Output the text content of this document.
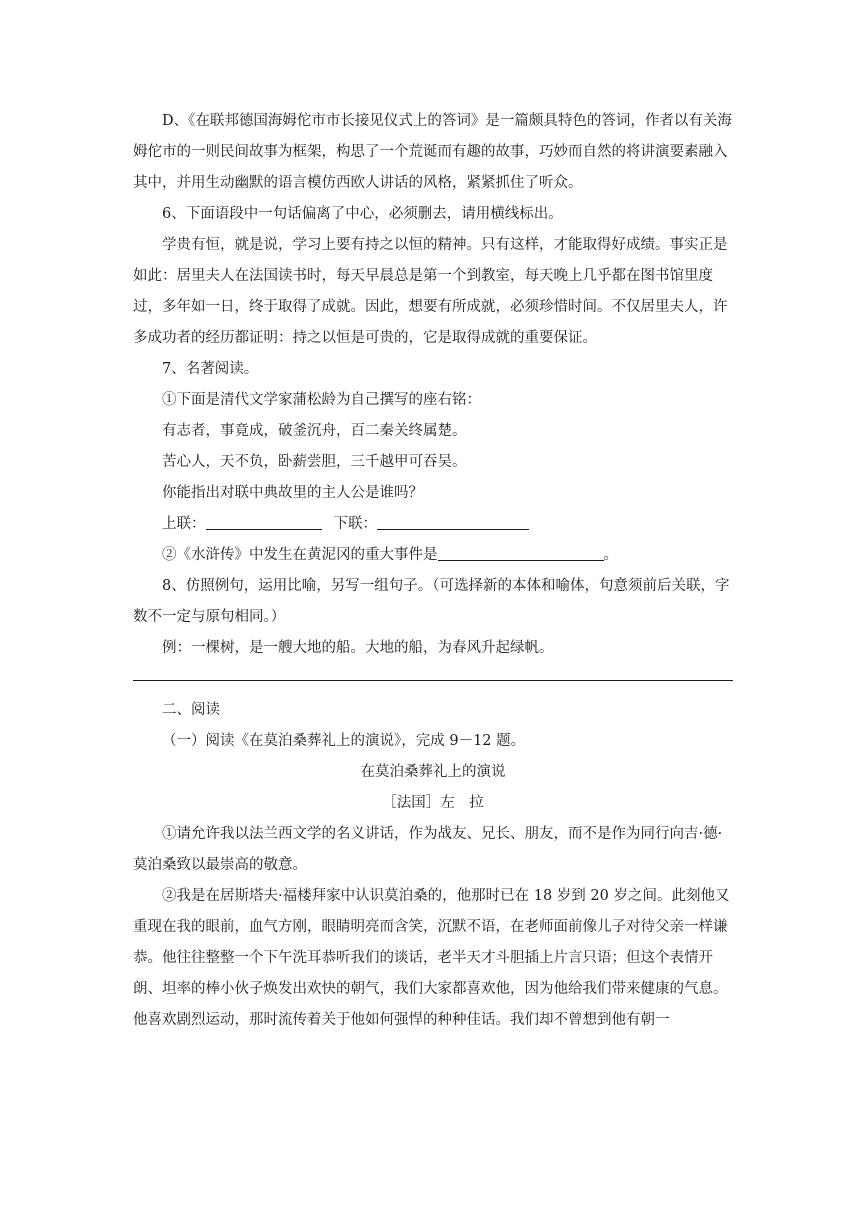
D、《在联邦德国海姆佗市市长接见仪式上的答词》是一篇颇具特色的答词，作者以有关海姆佗市的一则民间故事为框架，构思了一个荒诞而有趣的故事，巧妙而自然的将讲演要素融入其中，并用生动幽默的语言模仿西欧人讲话的风格，紧紧抓住了听众。

6、下面语段中一句话偏离了中心，必须删去，请用横线标出。

学贵有恒，就是说，学习上要有持之以恒的精神。只有这样，才能取得好成绩。事实正是如此：居里夫人在法国读书时，每天早晨总是第一个到教室，每天晚上几乎都在图书馆里度过，多年如一日，终于取得了成就。因此，想要有所成就，必须珍惜时间。不仅居里夫人，许多成功者的经历都证明：持之以恒是可贵的，它是取得成就的重要保证。

7、名著阅读。

①下面是清代文学家蒲松龄为自己撰写的座右铭：

有志者，事竟成，破釜沉舟，百二秦关终属楚。

苦心人，天不负，卧薪尝胆，三千越甲可吞吴。

你能指出对联中典故里的主人公是谁吗？

上联：	下联：

②《水浒传》中发生在黄泥冈的重大事件是	。

8、仿照例句，运用比喻，另写一组句子。（可选择新的本体和喻体，句意须前后关联，字数不一定与原句相同。）

例：一棵树，是一艘大地的船。大地的船，为春风升起绿帆。

二、阅读

（一）阅读《在莫泊桑葬礼上的演说》，完成 9－12 题。

在莫泊桑葬礼上的演说

［法国］左　拉

①请允许我以法兰西文学的名义讲话，作为战友、兄长、朋友，而不是作为同行向吉·德·莫泊桑致以最崇高的敬意。

②我是在居斯塔夫·福楼拜家中认识莫泊桑的，他那时已在 18 岁到 20 岁之间。此刻他又重现在我的眼前，血气方刚，眼睛明亮而含笑，沉默不语，在老师面前像儿子对待父亲一样谦恭。他往往整整一个下午洗耳恭听我们的谈话，老半天才斗胆插上片言只语；但这个表情开朗、坦率的棒小伙子焕发出欢快的朝气，我们大家都喜欢他，因为他给我们带来健康的气息。他喜欢剧烈运动，那时流传着关于他如何强悍的种种佳话。我们却不曾想到他有朝一
